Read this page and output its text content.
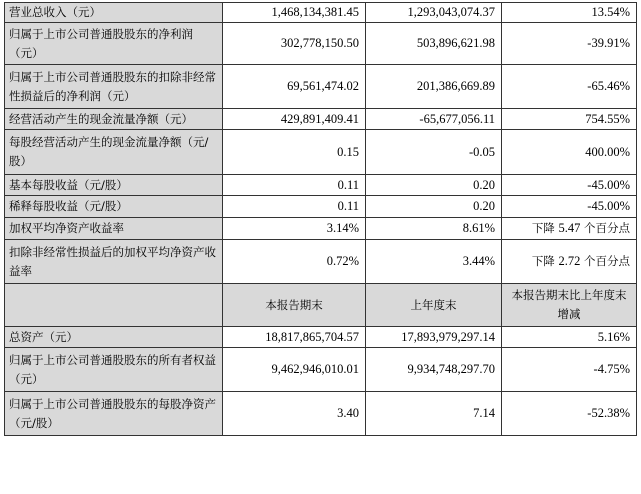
营业总收入（元）	1,468,134,381.45	1,293,043,074.37	13.54%
归属于上市公司普通股股东的净利润（元）	302,778,150.50	503,896,621.98	-39.91%
归属于上市公司普通股股东的扣除非经常性损益后的净利润（元）	69,561,474.02	201,386,669.89	-65.46%
经营活动产生的现金流量净额（元）	429,891,409.41	-65,677,056.11	754.55%
每股经营活动产生的现金流量净额（元/股）	0.15	-0.05	400.00%
基本每股收益（元/股）	0.11	0.20	-45.00%
稀释每股收益（元/股）	0.11	0.20	-45.00%
加权平均净资产收益率	3.14%	8.61%	下降 5.47 个百分点
扣除非经常性损益后的加权平均净资产收益率	0.72%	3.44%	下降 2.72 个百分点
	本报告期末	上年度末	本报告期末比上年度末增减
总资产（元）	18,817,865,704.57	17,893,979,297.14	5.16%
归属于上市公司普通股股东的所有者权益（元）	9,462,946,010.01	9,934,748,297.70	-4.75%
归属于上市公司普通股股东的每股净资产（元/股）	3.40	7.14	-52.38%
